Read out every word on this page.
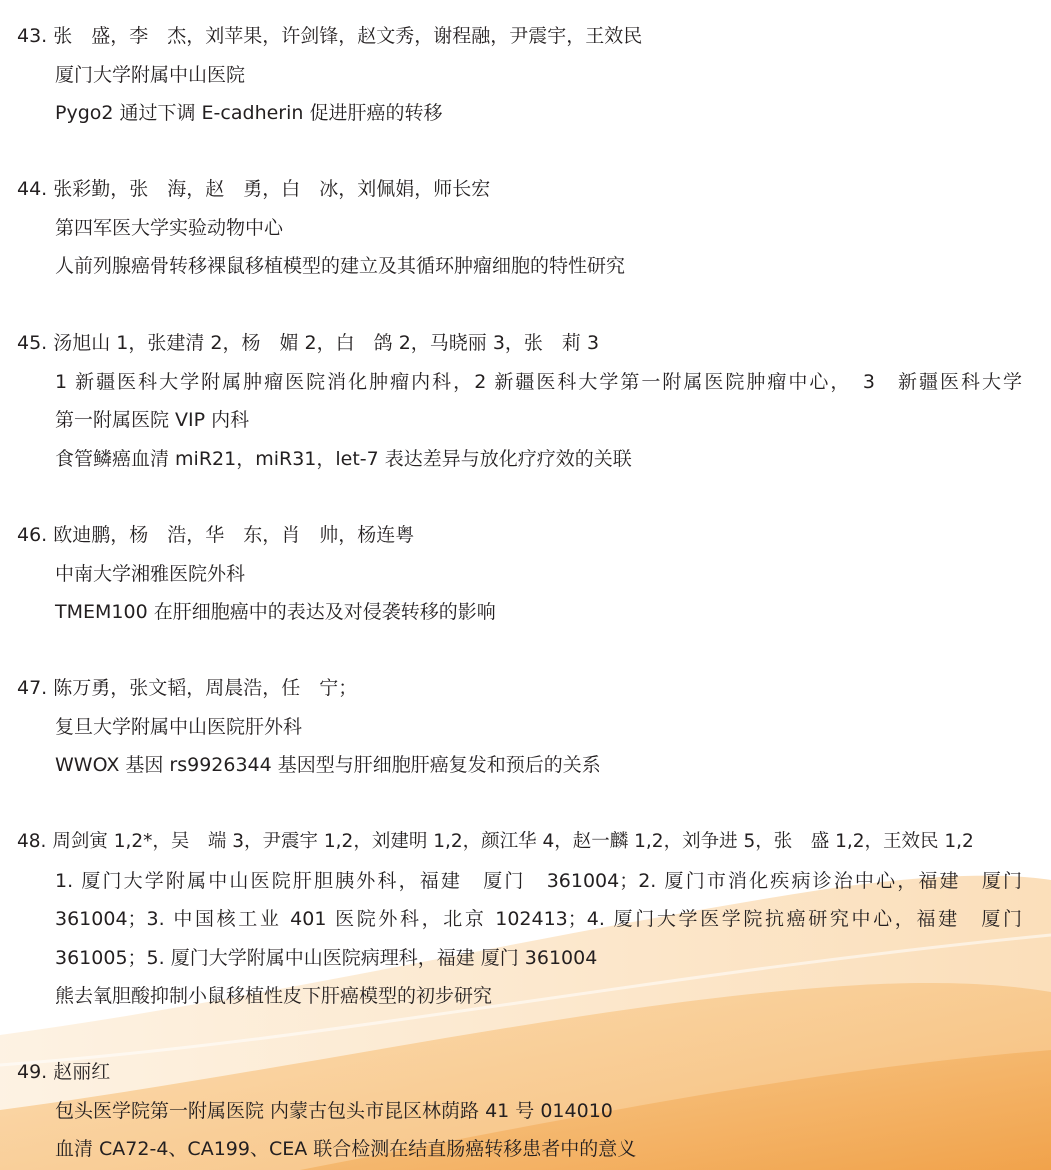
43. 张　盛，李　杰，刘苹果，许剑锋，赵文秀，谢程融，尹震宇，王效民
厦门大学附属中山医院
Pygo2 通过下调 E-cadherin 促进肝癌的转移
44. 张彩勤，张　海，赵　勇，白　冰，刘佩娟，师长宏
第四军医大学实验动物中心
人前列腺癌骨转移裸鼠移植模型的建立及其循环肿瘤细胞的特性研究
45. 汤旭山 1，张建清 2，杨　媚 2，白　鸽 2，马晓丽 3，张　莉 3
1 新疆医科大学附属肿瘤医院消化肿瘤内科，2 新疆医科大学第一附属医院肿瘤中心，　3　新疆医科大学
第一附属医院 VIP 内科
食管鳞癌血清 miR21，miR31，let-7 表达差异与放化疗疗效的关联
46. 欧迪鹏，杨　浩，华　东，肖　帅，杨连粤
中南大学湘雅医院外科
TMEM100 在肝细胞癌中的表达及对侵袭转移的影响
47. 陈万勇，张文韬，周晨浩，任　宁；
复旦大学附属中山医院肝外科
WWOX 基因 rs9926344 基因型与肝细胞肝癌复发和预后的关系
48. 周剑寅 1,2*，吴　端 3，尹震宇 1,2，刘建明 1,2，颜江华 4，赵一麟 1,2，刘争进 5，张　盛 1,2，王效民 1,2
1. 厦门大学附属中山医院肝胆胰外科，福建　厦门　361004；2. 厦门市消化疾病诊治中心，福建　厦门
361004；3. 中国核工业 401 医院外科，北京 102413；4. 厦门大学医学院抗癌研究中心，福建　厦门
361005；5. 厦门大学附属中山医院病理科，福建 厦门 361004
熊去氧胆酸抑制小鼠移植性皮下肝癌模型的初步研究
49. 赵丽红
包头医学院第一附属医院 内蒙古包头市昆区林荫路 41 号 014010
血清 CA72-4、CA199、CEA 联合检测在结直肠癌转移患者中的意义
